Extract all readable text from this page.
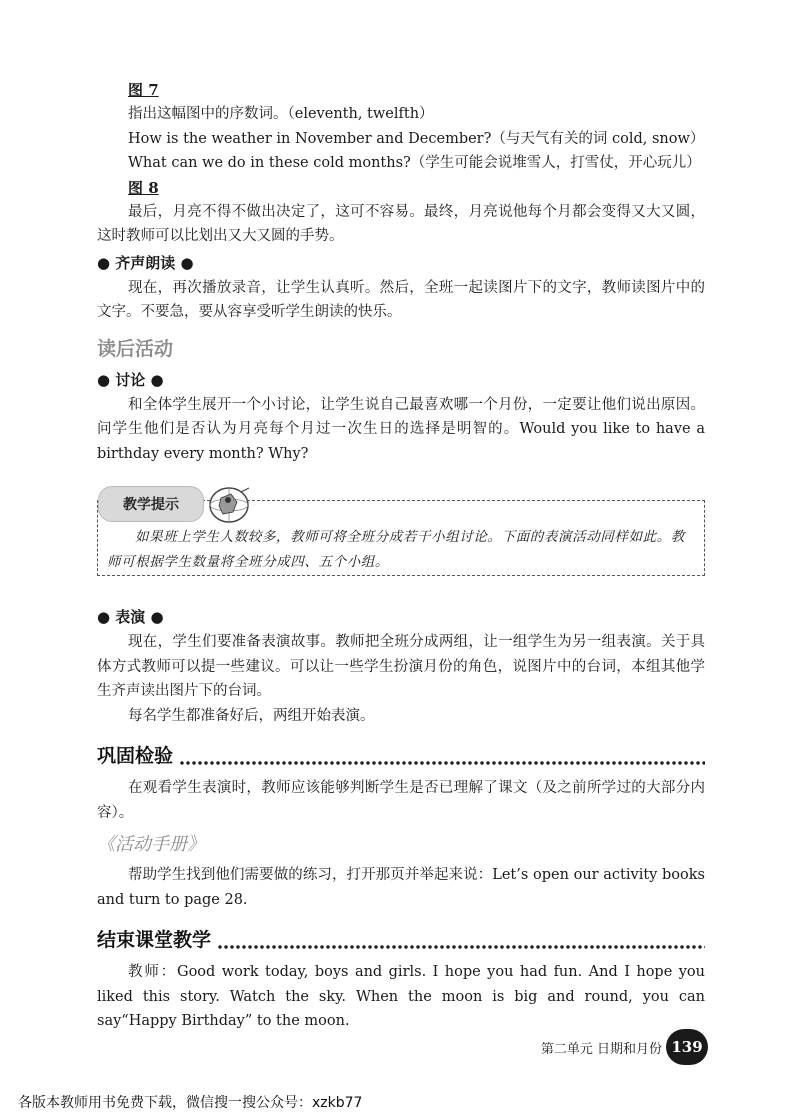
图 7

指出这幅图中的序数词。（eleventh, twelfth）

How is the weather in November and December?（与天气有关的词 cold, snow）

What can we do in these cold months?（学生可能会说堆雪人，打雪仗，开心玩儿）

图 8

最后，月亮不得不做出决定了，这可不容易。最终，月亮说他每个月都会变得又大又圆，这时教师可以比划出又大又圆的手势。

● 齐声朗读 ●

现在，再次播放录音，让学生认真听。然后，全班一起读图片下的文字，教师读图片中的文字。不要急，要从容享受听学生朗读的快乐。

读后活动
● 讨论 ●

和全体学生展开一个小讨论，让学生说自己最喜欢哪一个月份，一定要让他们说出原因。问学生他们是否认为月亮每个月过一次生日的选择是明智的。Would you like to have a birthday every month? Why?

教学提示
如果班上学生人数较多，教师可将全班分成若干小组讨论。下面的表演活动同样如此。教师可根据学生数量将全班分成四、五个小组。
● 表演 ●

现在，学生们要准备表演故事。教师把全班分成两组，让一组学生为另一组表演。关于具体方式教师可以提一些建议。可以让一些学生扮演月份的角色，说图片中的台词，本组其他学生齐声读出图片下的台词。

每名学生都准备好后，两组开始表演。

巩固检验

在观看学生表演时，教师应该能够判断学生是否已理解了课文（及之前所学过的大部分内容）。

《活动手册》

帮助学生找到他们需要做的练习，打开那页并举起来说：Let’s open our activity books and turn to page 28.

结束课堂教学

教师：Good work today, boys and girls. I hope you had fun. And I hope you liked this story. Watch the sky. When the moon is big and round, you can say“Happy Birthday” to the moon.

第二单元 日期和月份 139
各版本教师用书免费下载，微信搜一搜公众号：xzkb77
